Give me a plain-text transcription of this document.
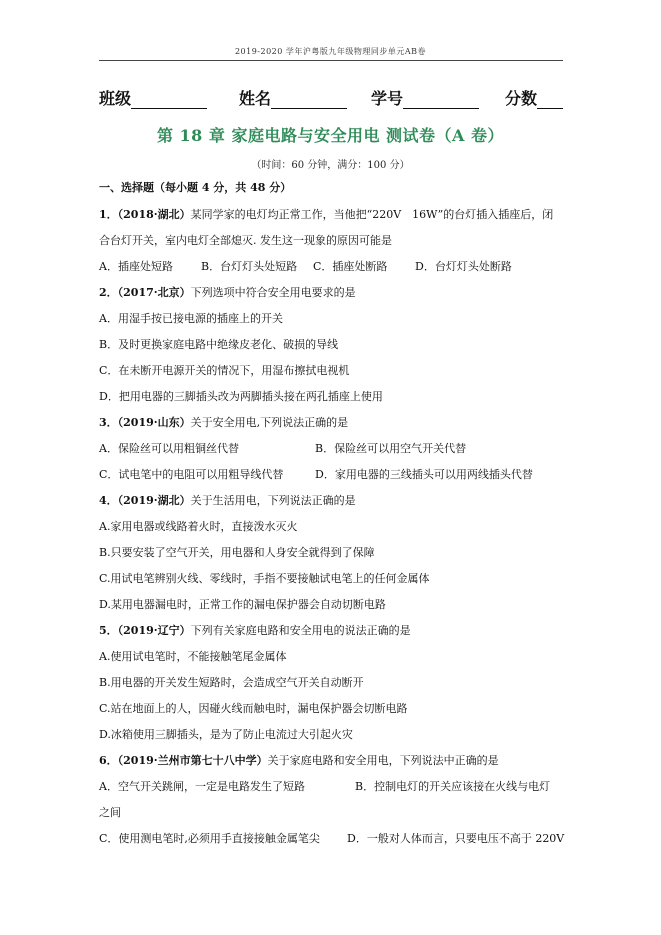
2019-2020 学年沪粤版九年级物理同步单元AB卷
班级	姓名	学号	分数
第 18 章 家庭电路与安全用电 测试卷（A 卷）
（时间：60 分钟，满分：100 分）
一、选择题（每小题 4 分，共 48 分）
1．（2018·湖北）某同学家的电灯均正常工作，当他把“220V　16W”的台灯插入插座后，闭
合台灯开关，室内电灯全部熄灭. 发生这一现象的原因可能是
A．插座处短路	B．台灯灯头处短路 C．插座处断路	D．台灯灯头处断路
2．（2017·北京）下列选项中符合安全用电要求的是
A．用湿手按已接电源的插座上的开关
B．及时更换家庭电路中绝缘皮老化、破损的导线
C．在未断开电源开关的情况下，用湿布擦拭电视机
D．把用电器的三脚插头改为两脚插头接在两孔插座上使用
3．（2019·山东）关于安全用电,下列说法正确的是
A．保险丝可以用粗铜丝代替	B．保险丝可以用空气开关代替
C．试电笔中的电阻可以用粗导线代替	D．家用电器的三线插头可以用两线插头代替
4．（2019·湖北）关于生活用电，下列说法正确的是
A.家用电器或线路着火时，直接泼水灭火
B.只要安装了空气开关，用电器和人身安全就得到了保障
C.用试电笔辨别火线、零线时，手指不要接触试电笔上的任何金属体
D.某用电器漏电时，正常工作的漏电保护器会自动切断电路
5．（2019·辽宁）下列有关家庭电路和安全用电的说法正确的是
A.使用试电笔时，不能接触笔尾金属体
B.用电器的开关发生短路时，会造成空气开关自动断开
C.站在地面上的人，因碰火线而触电时，漏电保护器会切断电路
D.冰箱使用三脚插头，是为了防止电流过大引起火灾
6．（2019·兰州市第七十八中学）关于家庭电路和安全用电，下列说法中正确的是
A．空气开关跳闸，一定是电路发生了短路	B．控制电灯的开关应该接在火线与电灯
之间
C．使用测电笔时,必须用手直接接触金属笔尖 D．一般对人体而言，只要电压不高于 220V
